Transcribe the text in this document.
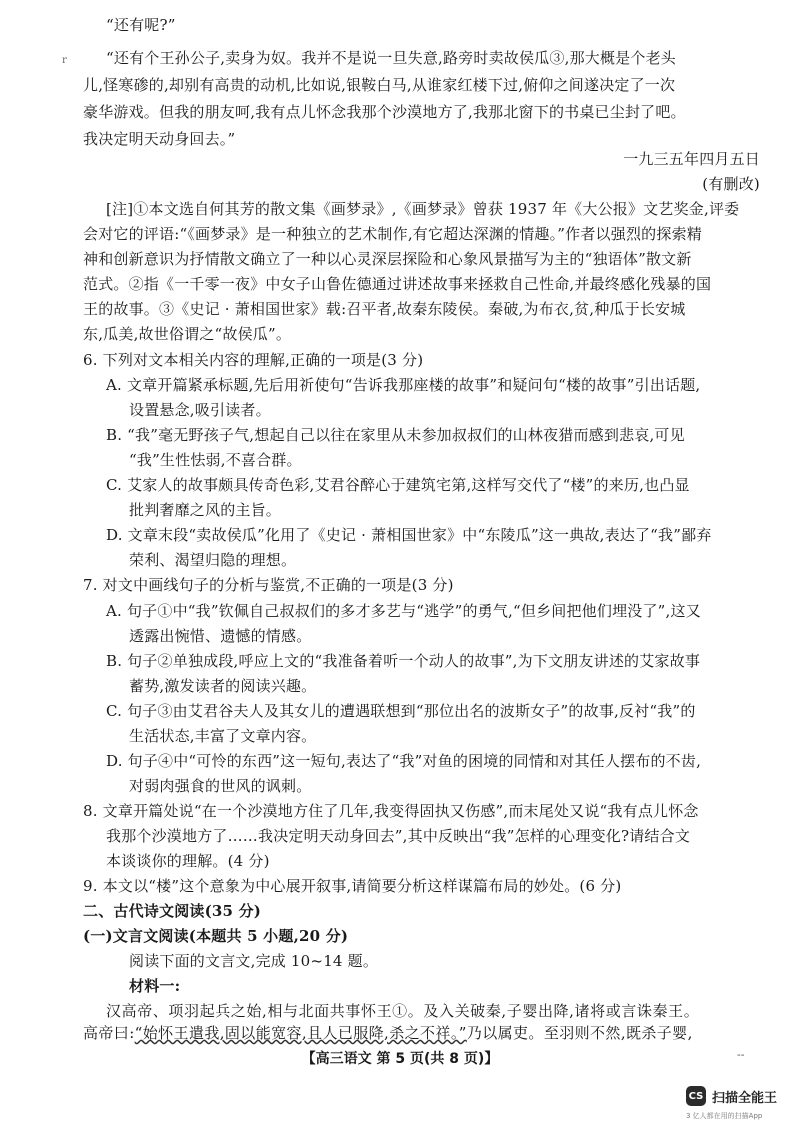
r
“还有呢?”
“还有个王孙公子,卖身为奴。我并不是说一旦失意,路旁时卖故侯瓜③,那大概是个老头
儿,怪寒碜的,却别有高贵的动机,比如说,银鞍白马,从谁家红楼下过,俯仰之间遂决定了一次
豪华游戏。但我的朋友呵,我有点儿怀念我那个沙漠地方了,我那北窗下的书桌已尘封了吧。
我决定明天动身回去。”
一九三五年四月五日
(有删改)
[注]①本文选自何其芳的散文集《画梦录》,《画梦录》曾获 1937 年《大公报》文艺奖金,评委
会对它的评语:“《画梦录》是一种独立的艺术制作,有它超达深渊的情趣。”作者以强烈的探索精
神和创新意识为抒情散文确立了一种以心灵深层探险和心象风景描写为主的“独语体”散文新
范式。②指《一千零一夜》中女子山鲁佐德通过讲述故事来拯救自己性命,并最终感化残暴的国
王的故事。③《史记 · 萧相国世家》载:召平者,故秦东陵侯。秦破,为布衣,贫,种瓜于长安城
东,瓜美,故世俗谓之“故侯瓜”。
6. 下列对文本相关内容的理解,正确的一项是(3 分)
A. 文章开篇紧承标题,先后用祈使句“告诉我那座楼的故事”和疑问句“楼的故事”引出话题,
设置悬念,吸引读者。
B. “我”毫无野孩子气,想起自己以往在家里从未参加叔叔们的山林夜猎而感到悲哀,可见
“我”生性怯弱,不喜合群。
C. 艾家人的故事颇具传奇色彩,艾君谷醉心于建筑宅第,这样写交代了“楼”的来历,也凸显
批判奢靡之风的主旨。
D. 文章末段“卖故侯瓜”化用了《史记 · 萧相国世家》中“东陵瓜”这一典故,表达了“我”鄙弃
荣利、渴望归隐的理想。
7. 对文中画线句子的分析与鉴赏,不正确的一项是(3 分)
A. 句子①中“我”钦佩自己叔叔们的多才多艺与“逃学”的勇气,“但乡间把他们埋没了”,这又
透露出惋惜、遗憾的情感。
B. 句子②单独成段,呼应上文的“我准备着听一个动人的故事”,为下文朋友讲述的艾家故事
蓄势,激发读者的阅读兴趣。
C. 句子③由艾君谷夫人及其女儿的遭遇联想到“那位出名的波斯女子”的故事,反衬“我”的
生活状态,丰富了文章内容。
D. 句子④中“可怜的东西”这一短句,表达了“我”对鱼的困境的同情和对其任人摆布的不齿,
对弱肉强食的世风的讽刺。
8. 文章开篇处说“在一个沙漠地方住了几年,我变得固执又伤感”,而末尾处又说“我有点儿怀念
我那个沙漠地方了……我决定明天动身回去”,其中反映出“我”怎样的心理变化?请结合文
本谈谈你的理解。(4 分)
9. 本文以“楼”这个意象为中心展开叙事,请简要分析这样谋篇布局的妙处。(6 分)
二、古代诗文阅读(35 分)
(一)文言文阅读(本题共 5 小题,20 分)
阅读下面的文言文,完成 10~14 题。
材料一:
汉高帝、项羽起兵之始,相与北面共事怀王①。及入关破秦,子婴出降,诸将或言诛秦王。
高帝曰:“始怀王遣我,固以能宽容,且人已服降,杀之不祥。”乃以属吏。至羽则不然,既杀子婴,
【高三语文 第 5 页(共 8 页)】	--
CS 扫描全能王
3 亿人都在用的扫描App
